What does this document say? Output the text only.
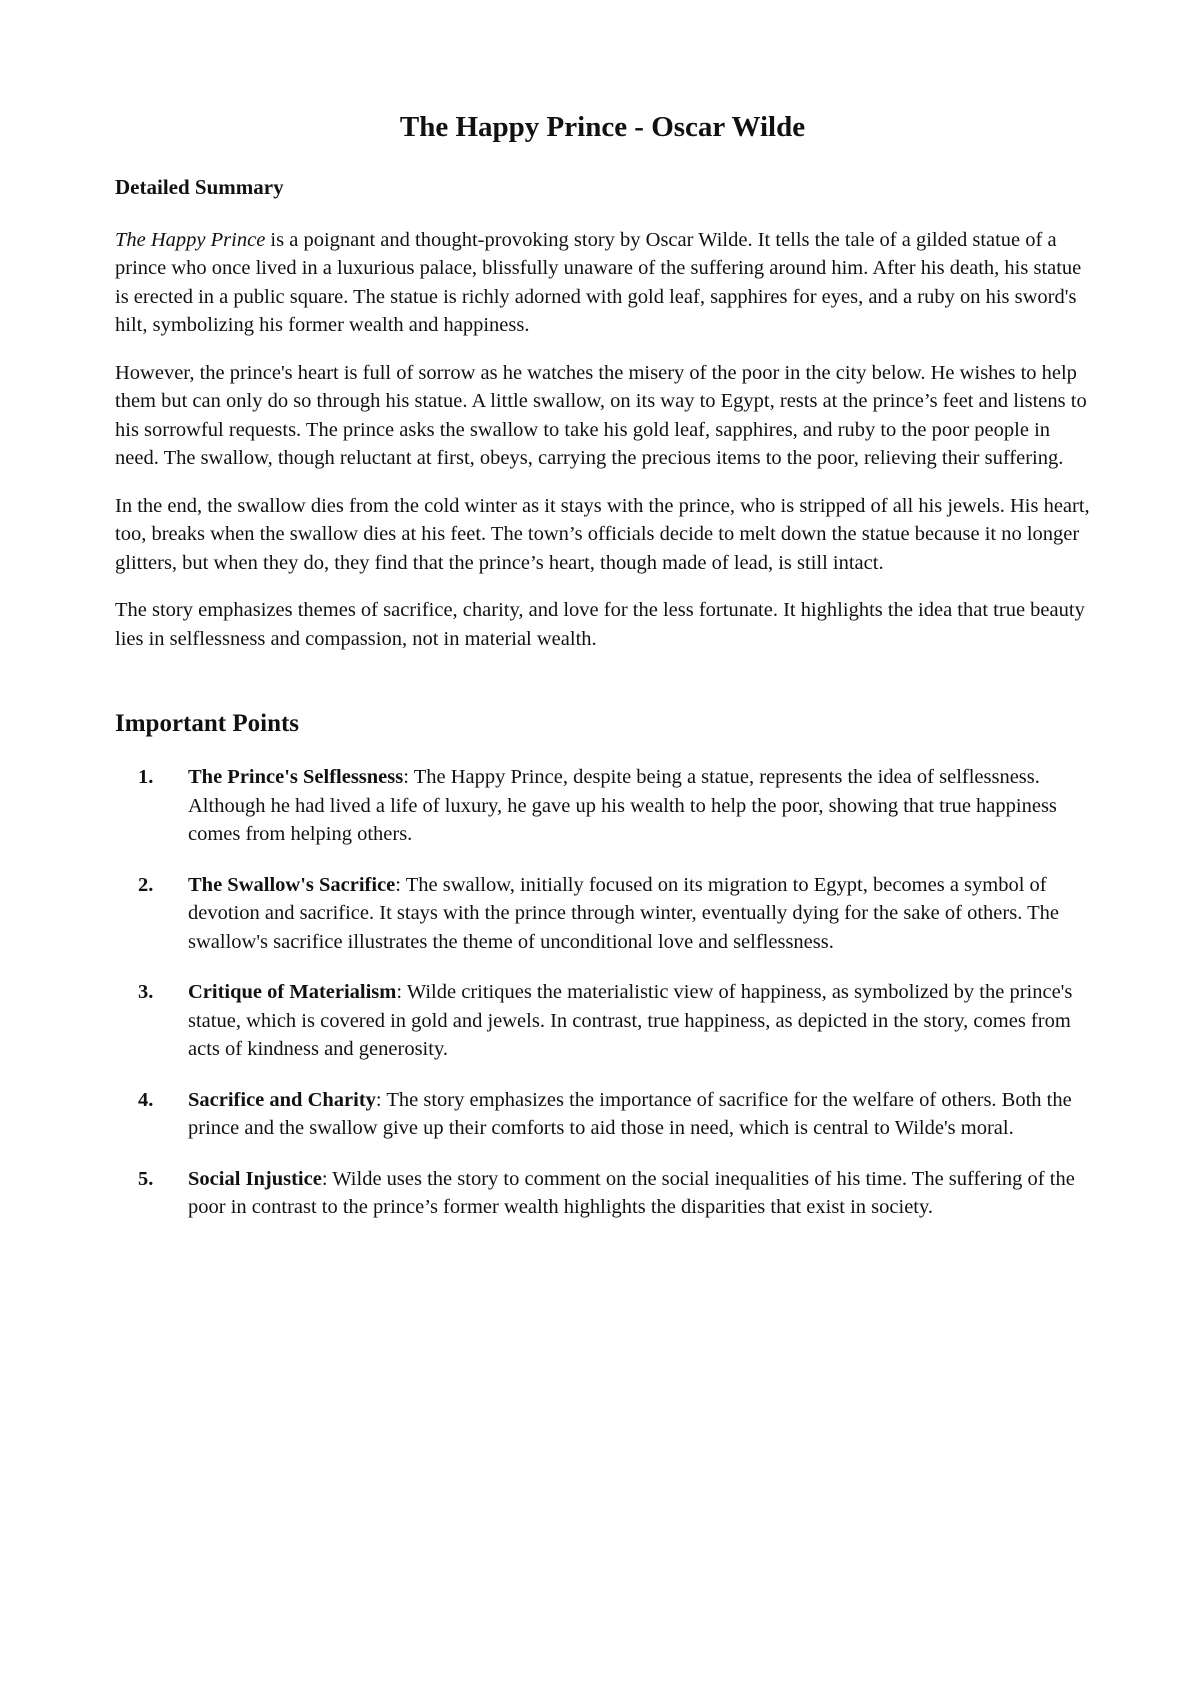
The Happy Prince - Oscar Wilde
Detailed Summary

The Happy Prince is a poignant and thought-provoking story by Oscar Wilde. It tells the tale of a gilded statue of a prince who once lived in a luxurious palace, blissfully unaware of the suffering around him. After his death, his statue is erected in a public square. The statue is richly adorned with gold leaf, sapphires for eyes, and a ruby on his sword's hilt, symbolizing his former wealth and happiness.

However, the prince's heart is full of sorrow as he watches the misery of the poor in the city below. He wishes to help them but can only do so through his statue. A little swallow, on its way to Egypt, rests at the prince’s feet and listens to his sorrowful requests. The prince asks the swallow to take his gold leaf, sapphires, and ruby to the poor people in need. The swallow, though reluctant at first, obeys, carrying the precious items to the poor, relieving their suffering.

In the end, the swallow dies from the cold winter as it stays with the prince, who is stripped of all his jewels. His heart, too, breaks when the swallow dies at his feet. The town’s officials decide to melt down the statue because it no longer glitters, but when they do, they find that the prince’s heart, though made of lead, is still intact.

The story emphasizes themes of sacrifice, charity, and love for the less fortunate. It highlights the idea that true beauty lies in selflessness and compassion, not in material wealth.

Important Points
1. The Prince's Selflessness: The Happy Prince, despite being a statue, represents the idea of selflessness. Although he had lived a life of luxury, he gave up his wealth to help the poor, showing that true happiness comes from helping others.
2. The Swallow's Sacrifice: The swallow, initially focused on its migration to Egypt, becomes a symbol of devotion and sacrifice. It stays with the prince through winter, eventually dying for the sake of others. The swallow's sacrifice illustrates the theme of unconditional love and selflessness.
3. Critique of Materialism: Wilde critiques the materialistic view of happiness, as symbolized by the prince's statue, which is covered in gold and jewels. In contrast, true happiness, as depicted in the story, comes from acts of kindness and generosity.
4. Sacrifice and Charity: The story emphasizes the importance of sacrifice for the welfare of others. Both the prince and the swallow give up their comforts to aid those in need, which is central to Wilde's moral.
5. Social Injustice: Wilde uses the story to comment on the social inequalities of his time. The suffering of the poor in contrast to the prince’s former wealth highlights the disparities that exist in society.
